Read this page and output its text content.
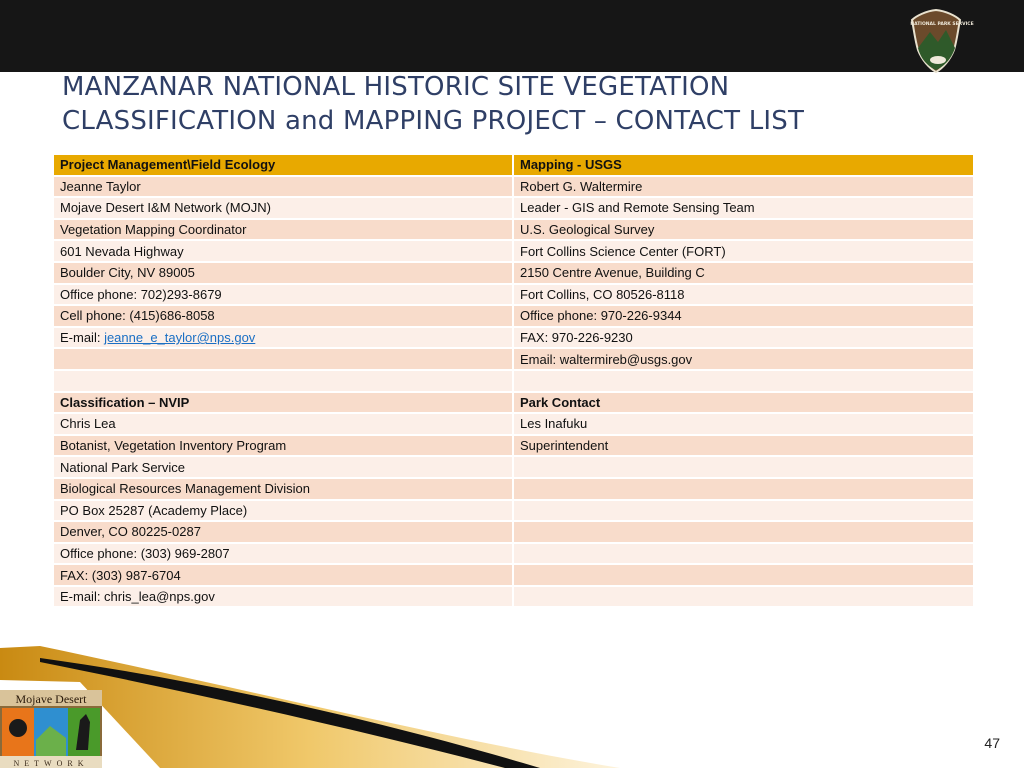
NATIONAL PARK SERVICE
MANZANAR NATIONAL HISTORIC SITE VEGETATION
CLASSIFICATION and MAPPING PROJECT – CONTACT LIST
Project Management\Field Ecology	Mapping - USGS
Jeanne Taylor	Robert G. Waltermire
Mojave Desert I&M Network (MOJN)	Leader - GIS and Remote Sensing Team
Vegetation Mapping Coordinator	U.S. Geological Survey
601 Nevada Highway	Fort Collins Science Center (FORT)
Boulder City, NV 89005	2150 Centre Avenue, Building C
Office phone: 702)293-8679	Fort Collins, CO 80526-8118
Cell phone: (415)686-8058	Office phone: 970-226-9344
E-mail: jeanne_e_taylor@nps.gov	FAX: 970-226-9230
	Email: waltermireb@usgs.gov

Classification – NVIP	Park Contact
Chris Lea	Les Inafuku
Botanist, Vegetation Inventory Program	Superintendent
National Park Service	
Biological Resources Management Division	
PO Box 25287 (Academy Place)	
Denver, CO 80225-0287	
Office phone: (303) 969-2807	
FAX: (303) 987-6704	
E-mail: chris_lea@nps.gov	
Mojave Desert
NETWORK
47
